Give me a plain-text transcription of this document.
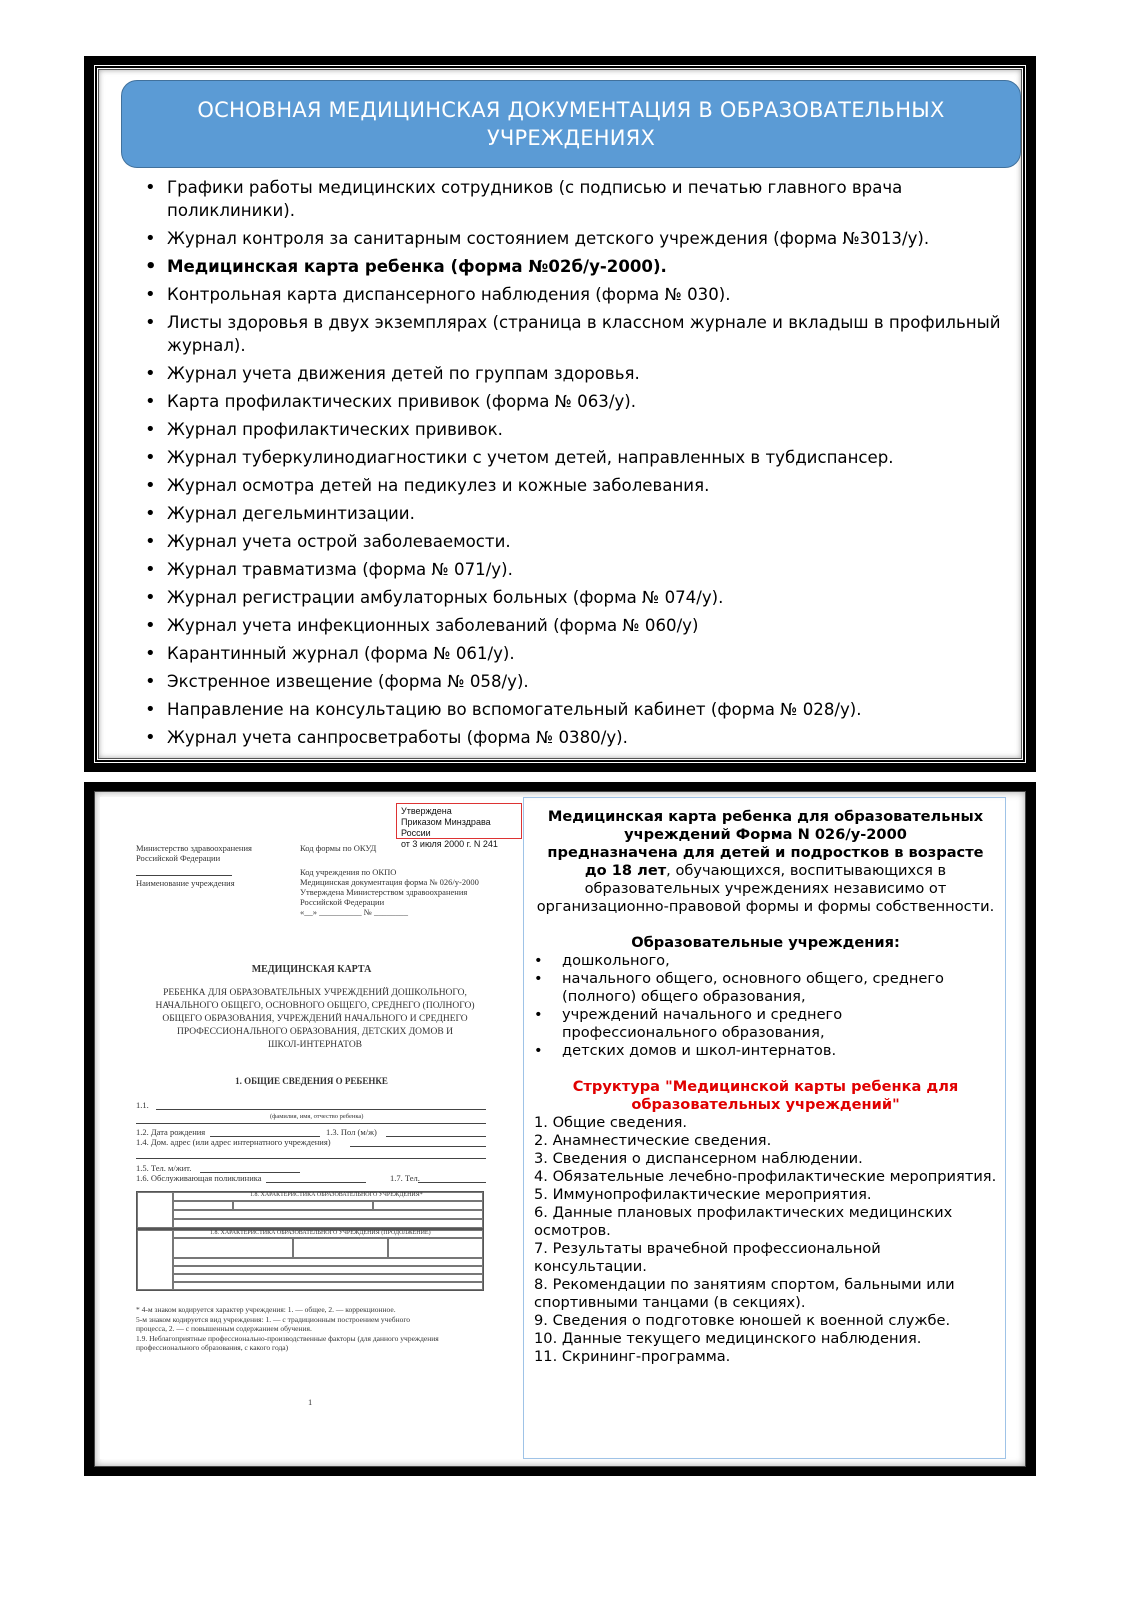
ОСНОВНАЯ МЕДИЦИНСКАЯ ДОКУМЕНТАЦИЯ В ОБРАЗОВАТЕЛЬНЫХ УЧРЕЖДЕНИЯХ
• Графики работы медицинских сотрудников (с подписью и печатью главного врача поликлиники).
• Журнал контроля за санитарным состоянием детского учреждения (форма №3013/у).
• Медицинская карта ребенка (форма №02б/у-2000).
• Контрольная карта диспансерного наблюдения (форма № 030).
• Листы здоровья в двух экземплярах (страница в классном журнале и вкладыш в профильный журнал).
• Журнал учета движения детей по группам здоровья.
• Карта профилактических прививок (форма № 063/у).
• Журнал профилактических прививок.
• Журнал туберкулинодиагностики с учетом детей, направленных в тубдиспансер.
• Журнал осмотра детей на педикулез и кожные заболевания.
• Журнал дегельминтизации.
• Журнал учета острой заболеваемости.
• Журнал травматизма (форма № 071/у).
• Журнал регистрации амбулаторных больных (форма № 074/у).
• Журнал учета инфекционных заболеваний (форма № 060/у)
• Карантинный журнал (форма № 061/у).
• Экстренное извещение (форма № 058/у).
• Направление на консультацию во вспомогательный кабинет (форма № 028/у).
• Журнал учета санпросветработы (форма № 0380/у).
Утверждена
Приказом Минздрава России
от 3 июля 2000 г. N 241
Министерство здравоохранения
Российской Федерации
Наименование учреждения
Код формы по ОКУД
Код учреждения по ОКПО
Медицинская документация форма № 026/у-2000
Утверждена Министерством здравоохранения
Российской Федерации
«__» __________ № ________
МЕДИЦИНСКАЯ КАРТА
РЕБЕНКА ДЛЯ ОБРАЗОВАТЕЛЬНЫХ УЧРЕЖДЕНИЙ ДОШКОЛЬНОГО,
НАЧАЛЬНОГО ОБЩЕГО, ОСНОВНОГО ОБЩЕГО, СРЕДНЕГО (ПОЛНОГО)
ОБЩЕГО ОБРАЗОВАНИЯ, УЧРЕЖДЕНИЙ НАЧАЛЬНОГО И СРЕДНЕГО
ПРОФЕССИОНАЛЬНОГО ОБРАЗОВАНИЯ, ДЕТСКИХ ДОМОВ И
ШКОЛ-ИНТЕРНАТОВ
1. ОБЩИЕ СВЕДЕНИЯ О РЕБЕНКЕ
1.1.
(фамилия, имя, отчество ребенка)
1.2. Дата рождения	1.3. Пол (м/ж)
1.4. Дом. адрес (или адрес интернатного учреждения)
1.5. Тел. м/жит.
1.6. Обслуживающая поликлиника	1.7. Тел.
1.8. ХАРАКТЕРИСТИКА ОБРАЗОВАТЕЛЬНОГО УЧРЕЖДЕНИЯ*
1.8. ХАРАКТЕРИСТИКА ОБРАЗОВАТЕЛЬНОГО УЧРЕЖДЕНИЯ (ПРОДОЛЖЕНИЕ)
* 4-м знаком кодируется характер учреждения: 1. — общее, 2. — коррекционное.
5-м знаком кодируется вид учреждения: 1. — с традиционным построением учебного
процесса, 2. — с повышенным содержанием обучения.
1.9. Неблагоприятные профессионально-производственные факторы (для данного учреждения
профессионального образования, с какого года)
1
Медицинская карта ребенка для образовательных учреждений Форма N 026/у-2000
предназначена для детей и подростков в возрасте до 18 лет, обучающихся, воспитывающихся в образовательных учреждениях независимо от организационно-правовой формы и формы собственности.
Образовательные учреждения:
• дошкольного,
• начального общего, основного общего, среднего (полного) общего образования,
• учреждений начального и среднего профессионального образования,
• детских домов и школ-интернатов.
Структура "Медицинской карты ребенка для образовательных учреждений"
1. Общие сведения.
2. Анамнестические сведения.
3. Сведения о диспансерном наблюдении.
4. Обязательные лечебно-профилактические мероприятия.
5. Иммунопрофилактические мероприятия.
6. Данные плановых профилактических медицинских осмотров.
7. Результаты врачебной профессиональной консультации.
8. Рекомендации по занятиям спортом, бальными или спортивными танцами (в секциях).
9. Сведения о подготовке юношей к военной службе.
10. Данные текущего медицинского наблюдения.
11. Скрининг-программа.
